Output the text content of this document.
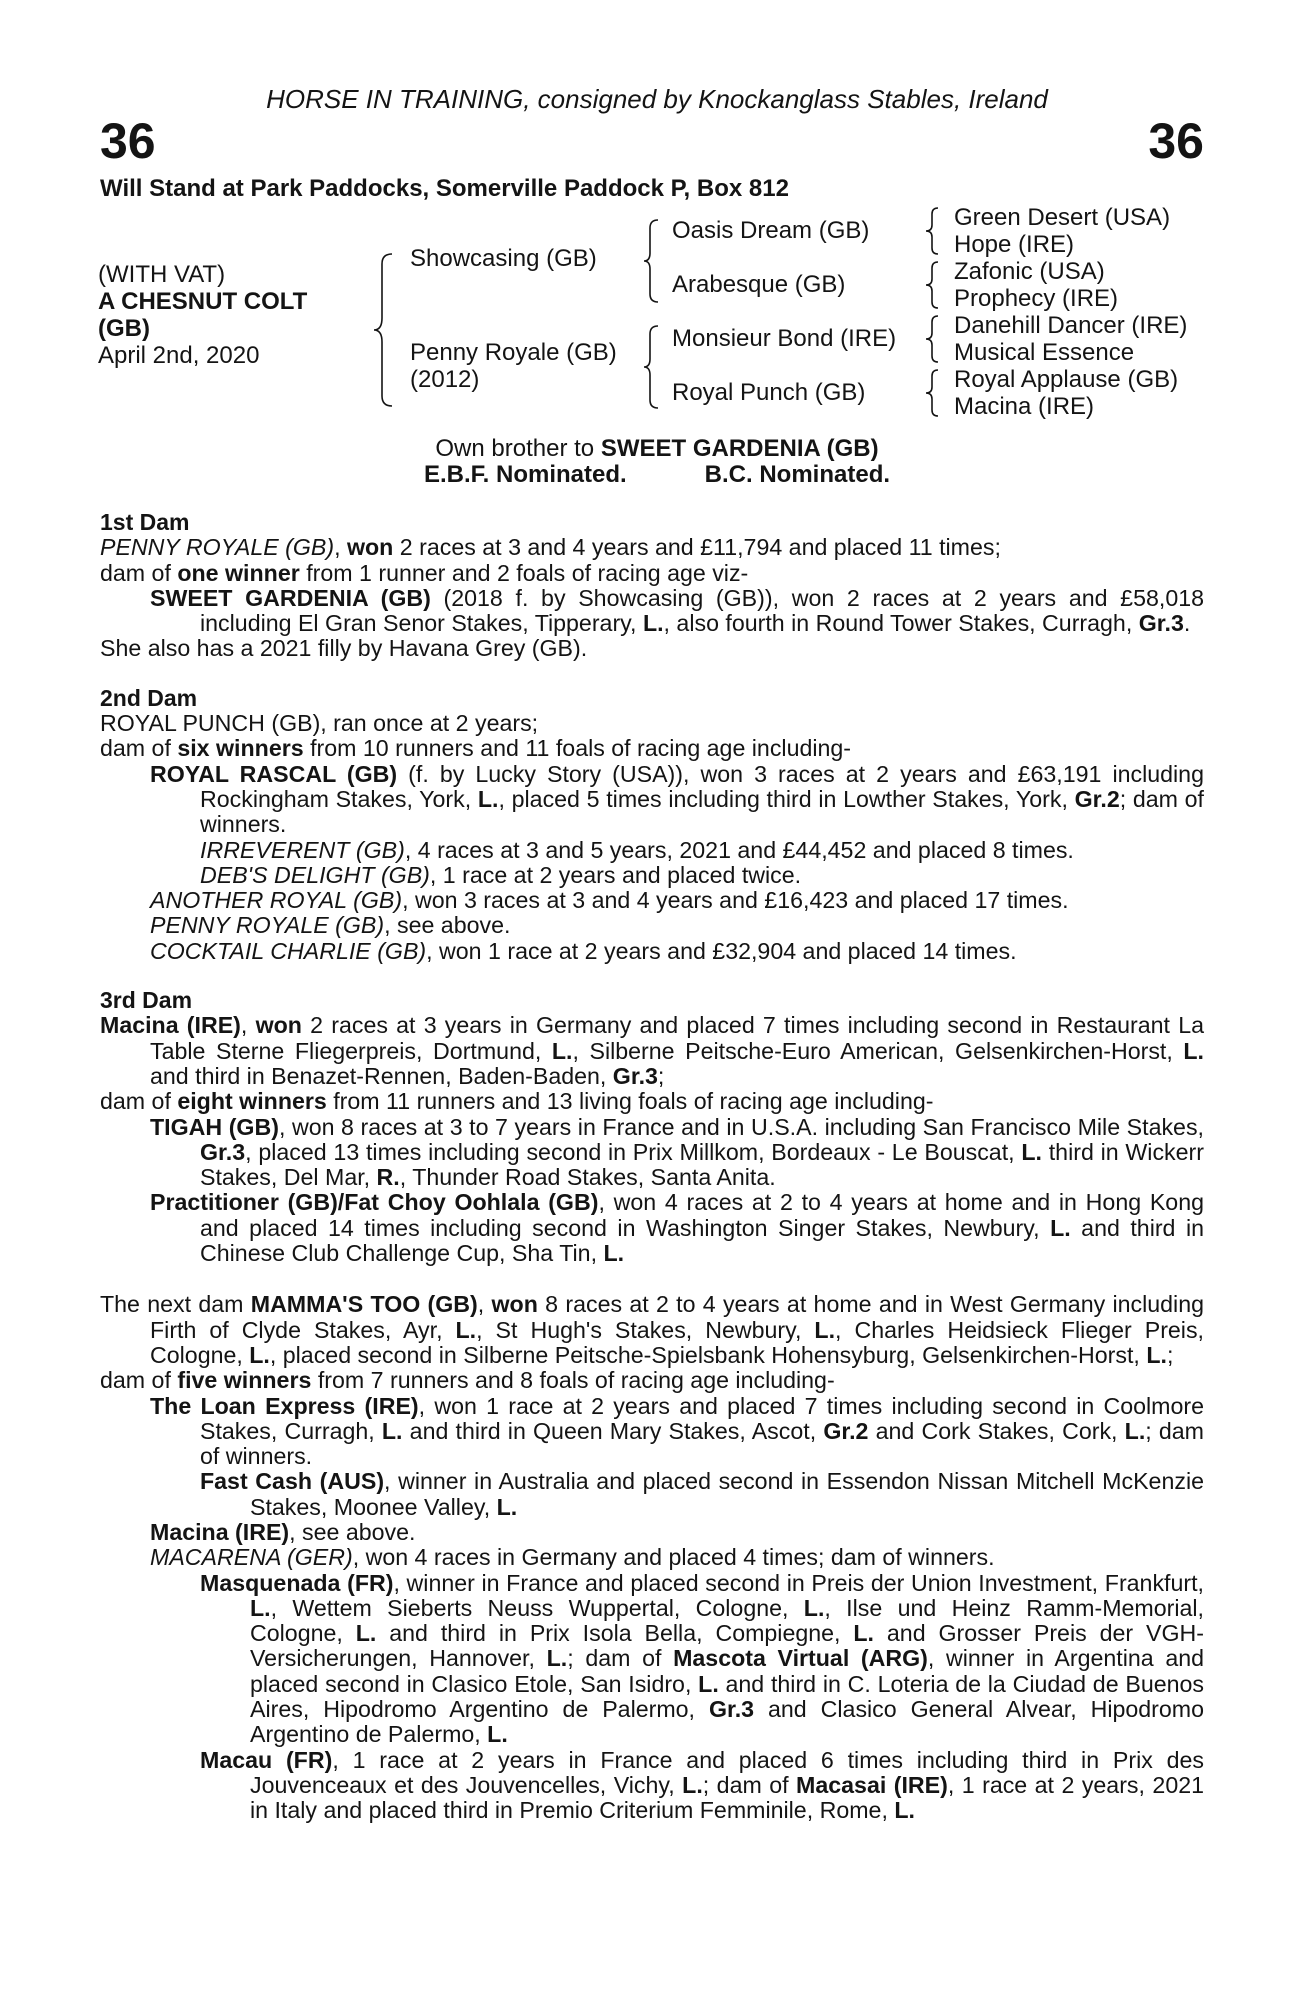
HORSE IN TRAINING, consigned by Knockanglass Stables, Ireland
36	36
Will Stand at Park Paddocks, Somerville Paddock P, Box 812
(WITH VAT)
A CHESNUT COLT
(GB)
April 2nd, 2020
Showcasing (GB)
Penny Royale (GB)
(2012)
Oasis Dream (GB)
Arabesque (GB)
Monsieur Bond (IRE)
Royal Punch (GB)
Green Desert (USA)
Hope (IRE)
Zafonic (USA)
Prophecy (IRE)
Danehill Dancer (IRE)
Musical Essence
Royal Applause (GB)
Macina (IRE)
Own brother to SWEET GARDENIA (GB)
E.B.F. Nominated.	B.C. Nominated.
1st Dam
PENNY ROYALE (GB), won 2 races at 3 and 4 years and £11,794 and placed 11 times;
dam of one winner from 1 runner and 2 foals of racing age viz-
SWEET GARDENIA (GB) (2018 f. by Showcasing (GB)), won 2 races at 2 years and £58,018 including El Gran Senor Stakes, Tipperary, L., also fourth in Round Tower Stakes, Curragh, Gr.3.
She also has a 2021 filly by Havana Grey (GB).
2nd Dam
ROYAL PUNCH (GB), ran once at 2 years;
dam of six winners from 10 runners and 11 foals of racing age including-
ROYAL RASCAL (GB) (f. by Lucky Story (USA)), won 3 races at 2 years and £63,191 including Rockingham Stakes, York, L., placed 5 times including third in Lowther Stakes, York, Gr.2; dam of winners.
IRREVERENT (GB), 4 races at 3 and 5 years, 2021 and £44,452 and placed 8 times.
DEB'S DELIGHT (GB), 1 race at 2 years and placed twice.
ANOTHER ROYAL (GB), won 3 races at 3 and 4 years and £16,423 and placed 17 times.
PENNY ROYALE (GB), see above.
COCKTAIL CHARLIE (GB), won 1 race at 2 years and £32,904 and placed 14 times.
3rd Dam
Macina (IRE), won 2 races at 3 years in Germany and placed 7 times including second in Restaurant La Table Sterne Fliegerpreis, Dortmund, L., Silberne Peitsche-Euro American, Gelsenkirchen-Horst, L. and third in Benazet-Rennen, Baden-Baden, Gr.3;
dam of eight winners from 11 runners and 13 living foals of racing age including-
TIGAH (GB), won 8 races at 3 to 7 years in France and in U.S.A. including San Francisco Mile Stakes, Gr.3, placed 13 times including second in Prix Millkom, Bordeaux - Le Bouscat, L. third in Wickerr Stakes, Del Mar, R., Thunder Road Stakes, Santa Anita.
Practitioner (GB)/Fat Choy Oohlala (GB), won 4 races at 2 to 4 years at home and in Hong Kong and placed 14 times including second in Washington Singer Stakes, Newbury, L. and third in Chinese Club Challenge Cup, Sha Tin, L.
The next dam MAMMA'S TOO (GB), won 8 races at 2 to 4 years at home and in West Germany including Firth of Clyde Stakes, Ayr, L., St Hugh's Stakes, Newbury, L., Charles Heidsieck Flieger Preis, Cologne, L., placed second in Silberne Peitsche-Spielsbank Hohensyburg, Gelsenkirchen-Horst, L.;
dam of five winners from 7 runners and 8 foals of racing age including-
The Loan Express (IRE), won 1 race at 2 years and placed 7 times including second in Coolmore Stakes, Curragh, L. and third in Queen Mary Stakes, Ascot, Gr.2 and Cork Stakes, Cork, L.; dam of winners.
Fast Cash (AUS), winner in Australia and placed second in Essendon Nissan Mitchell McKenzie Stakes, Moonee Valley, L.
Macina (IRE), see above.
MACARENA (GER), won 4 races in Germany and placed 4 times; dam of winners.
Masquenada (FR), winner in France and placed second in Preis der Union Investment, Frankfurt, L., Wettem Sieberts Neuss Wuppertal, Cologne, L., Ilse und Heinz Ramm-Memorial, Cologne, L. and third in Prix Isola Bella, Compiegne, L. and Grosser Preis der VGH-Versicherungen, Hannover, L.; dam of Mascota Virtual (ARG), winner in Argentina and placed second in Clasico Etole, San Isidro, L. and third in C. Loteria de la Ciudad de Buenos Aires, Hipodromo Argentino de Palermo, Gr.3 and Clasico General Alvear, Hipodromo Argentino de Palermo, L.
Macau (FR), 1 race at 2 years in France and placed 6 times including third in Prix des Jouvenceaux et des Jouvencelles, Vichy, L.; dam of Macasai (IRE), 1 race at 2 years, 2021 in Italy and placed third in Premio Criterium Femminile, Rome, L.
